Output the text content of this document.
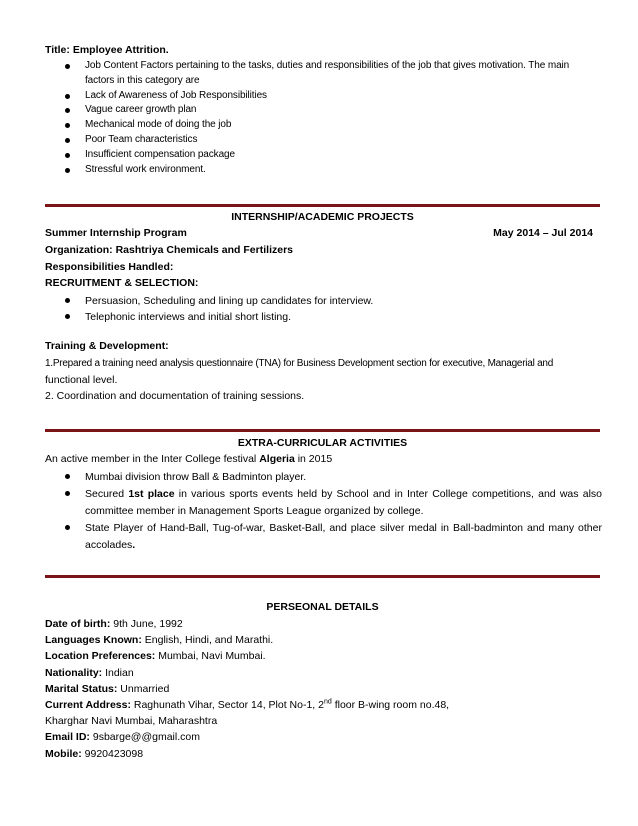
Title: Employee Attrition.
Job Content Factors pertaining to the tasks, duties and responsibilities of the job that gives motivation. The main factors in this category are
Lack of Awareness of Job Responsibilities
Vague career growth plan
Mechanical mode of doing the job
Poor Team characteristics
Insufficient compensation package
Stressful work environment.
INTERNSHIP/ACADEMIC PROJECTS
Summer Internship Program	May 2014 – Jul 2014
Organization: Rashtriya Chemicals and Fertilizers
Responsibilities Handled:
RECRUITMENT & SELECTION:
Persuasion, Scheduling and lining up candidates for interview.
Telephonic interviews and initial short listing.
Training & Development:
1.Prepared a training need analysis questionnaire (TNA) for Business Development section for executive, Managerial and
functional level.
2. Coordination and documentation of training sessions.
EXTRA-CURRICULAR ACTIVITIES
An active member in the Inter College festival Algeria in 2015
Mumbai division throw Ball & Badminton player.
Secured 1st place in various sports events held by School and in Inter College competitions, and was also committee member in Management Sports League organized by college.
State Player of Hand-Ball, Tug-of-war, Basket-Ball, and place silver medal in Ball-badminton and many other accolades.
PERSEONAL DETAILS
Date of birth: 9th June, 1992
Languages Known: English, Hindi, and Marathi.
Location Preferences: Mumbai, Navi Mumbai.
Nationality: Indian
Marital Status: Unmarried
Current Address: Raghunath Vihar, Sector 14, Plot No-1, 2nd floor B-wing room no.48,
Kharghar Navi Mumbai, Maharashtra
Email ID: 9sbarge@@gmail.com
Mobile: 9920423098
